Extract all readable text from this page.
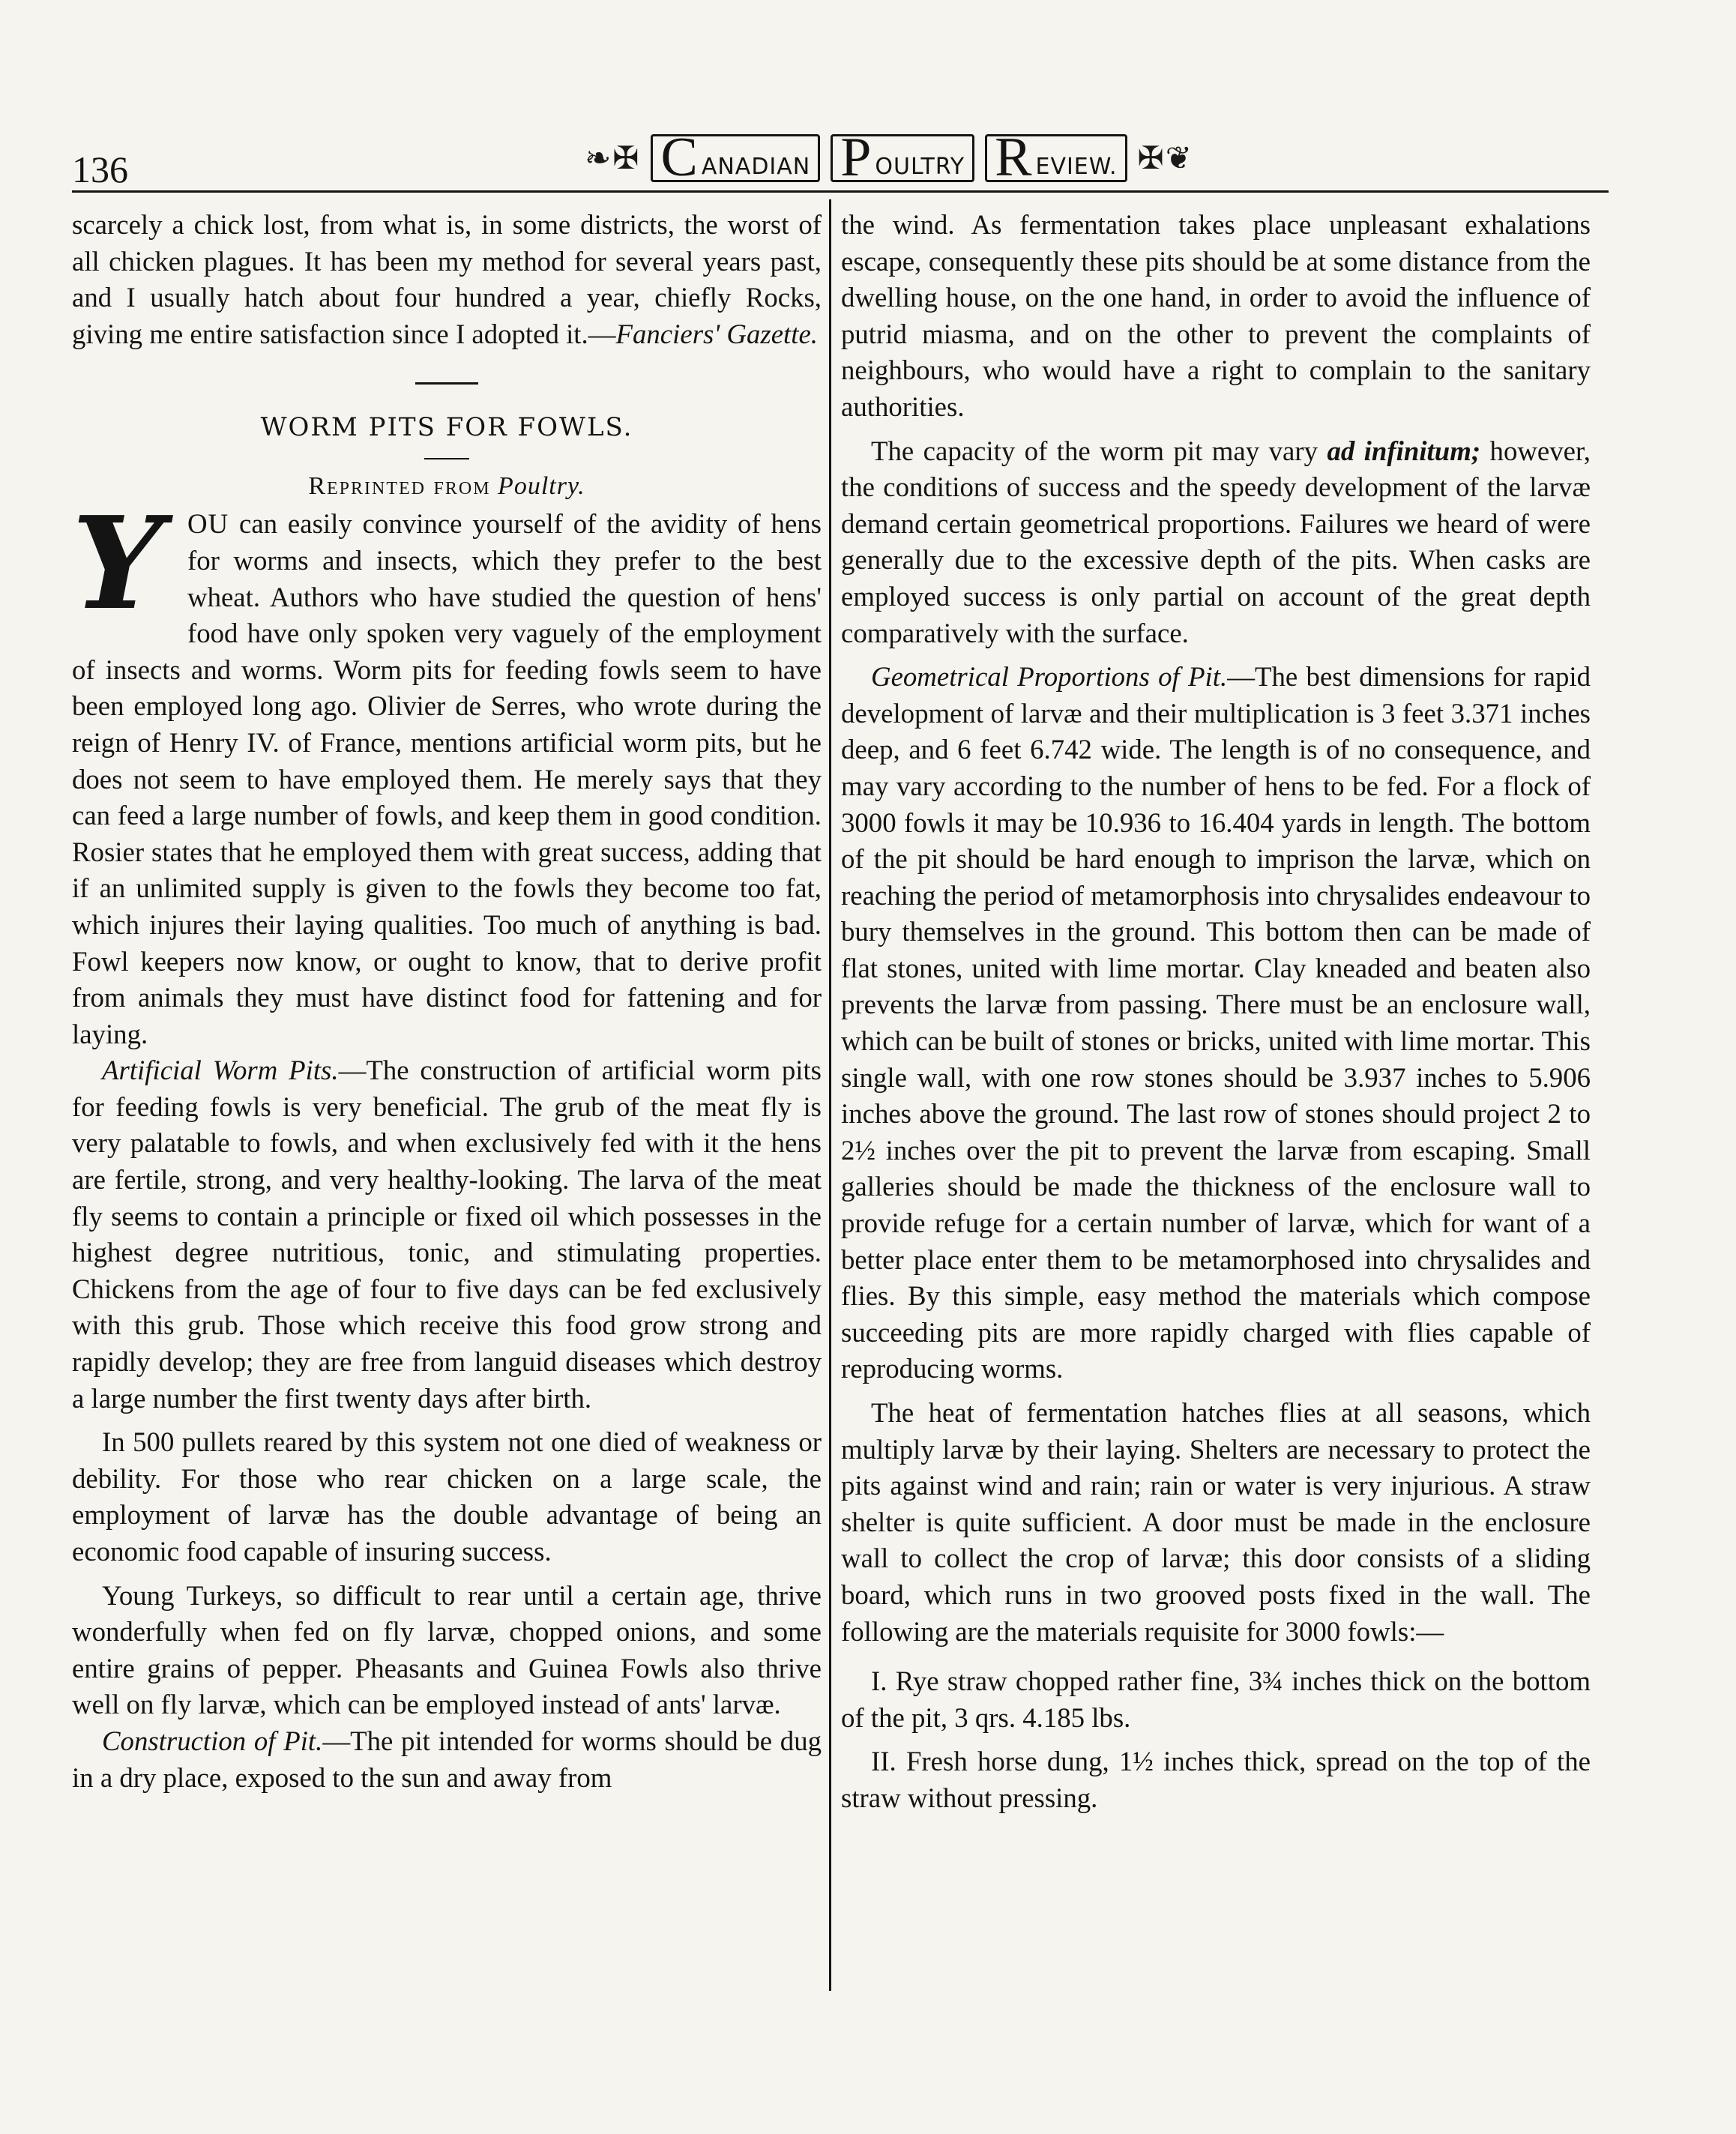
136	❧✠ C ANADIAN P OULTRY R EVIEW. ✠❦

scarcely a chick lost, from what is, in some districts, the worst of all chicken plagues. It has been my method for several years past, and I usually hatch about four hundred a year, chiefly Rocks, giving me entire satisfaction since I adopted it.—Fanciers' Gazette.

WORM PITS FOR FOWLS.
Reprinted from Poultry.

YOU can easily convince yourself of the avidity of hens for worms and insects, which they prefer to the best wheat. Authors who have studied the question of hens' food have only spoken very vaguely of the employment of insects and worms. Worm pits for feeding fowls seem to have been employed long ago. Olivier de Serres, who wrote during the reign of Henry IV. of France, mentions artificial worm pits, but he does not seem to have employed them. He merely says that they can feed a large number of fowls, and keep them in good condition. Rosier states that he employed them with great success, adding that if an unlimited supply is given to the fowls they become too fat, which injures their laying qualities. Too much of anything is bad. Fowl keepers now know, or ought to know, that to derive profit from animals they must have distinct food for fattening and for laying.

Artificial Worm Pits.—The construction of artificial worm pits for feeding fowls is very beneficial. The grub of the meat fly is very palatable to fowls, and when exclusively fed with it the hens are fertile, strong, and very healthy-looking. The larva of the meat fly seems to contain a principle or fixed oil which possesses in the highest degree nutritious, tonic, and stimulating properties. Chickens from the age of four to five days can be fed exclusively with this grub. Those which receive this food grow strong and rapidly develop; they are free from languid diseases which destroy a large number the first twenty days after birth.

In 500 pullets reared by this system not one died of weakness or debility. For those who rear chicken on a large scale, the employment of larvæ has the double advantage of being an economic food capable of insuring success.

Young Turkeys, so difficult to rear until a certain age, thrive wonderfully when fed on fly larvæ, chopped onions, and some entire grains of pepper. Pheasants and Guinea Fowls also thrive well on fly larvæ, which can be employed instead of ants' larvæ.

Construction of Pit.—The pit intended for worms should be dug in a dry place, exposed to the sun and away from

the wind. As fermentation takes place unpleasant exhalations escape, consequently these pits should be at some distance from the dwelling house, on the one hand, in order to avoid the influence of putrid miasma, and on the other to prevent the complaints of neighbours, who would have a right to complain to the sanitary authorities.

The capacity of the worm pit may vary ad infinitum; however, the conditions of success and the speedy development of the larvæ demand certain geometrical proportions. Failures we heard of were generally due to the excessive depth of the pits. When casks are employed success is only partial on account of the great depth comparatively with the surface.

Geometrical Proportions of Pit.—The best dimensions for rapid development of larvæ and their multiplication is 3 feet 3.371 inches deep, and 6 feet 6.742 wide. The length is of no consequence, and may vary according to the number of hens to be fed. For a flock of 3000 fowls it may be 10.936 to 16.404 yards in length. The bottom of the pit should be hard enough to imprison the larvæ, which on reaching the period of metamorphosis into chrysalides endeavour to bury themselves in the ground. This bottom then can be made of flat stones, united with lime mortar. Clay kneaded and beaten also prevents the larvæ from passing. There must be an enclosure wall, which can be built of stones or bricks, united with lime mortar. This single wall, with one row stones should be 3.937 inches to 5.906 inches above the ground. The last row of stones should project 2 to 2½ inches over the pit to prevent the larvæ from escaping. Small galleries should be made the thickness of the enclosure wall to provide refuge for a certain number of larvæ, which for want of a better place enter them to be metamorphosed into chrysalides and flies. By this simple, easy method the materials which compose succeeding pits are more rapidly charged with flies capable of reproducing worms.

The heat of fermentation hatches flies at all seasons, which multiply larvæ by their laying. Shelters are necessary to protect the pits against wind and rain; rain or water is very injurious. A straw shelter is quite sufficient. A door must be made in the enclosure wall to collect the crop of larvæ; this door consists of a sliding board, which runs in two grooved posts fixed in the wall. The following are the materials requisite for 3000 fowls:—

I. Rye straw chopped rather fine, 3¾ inches thick on the bottom of the pit, 3 qrs. 4.185 lbs.

II. Fresh horse dung, 1½ inches thick, spread on the top of the straw without pressing.
